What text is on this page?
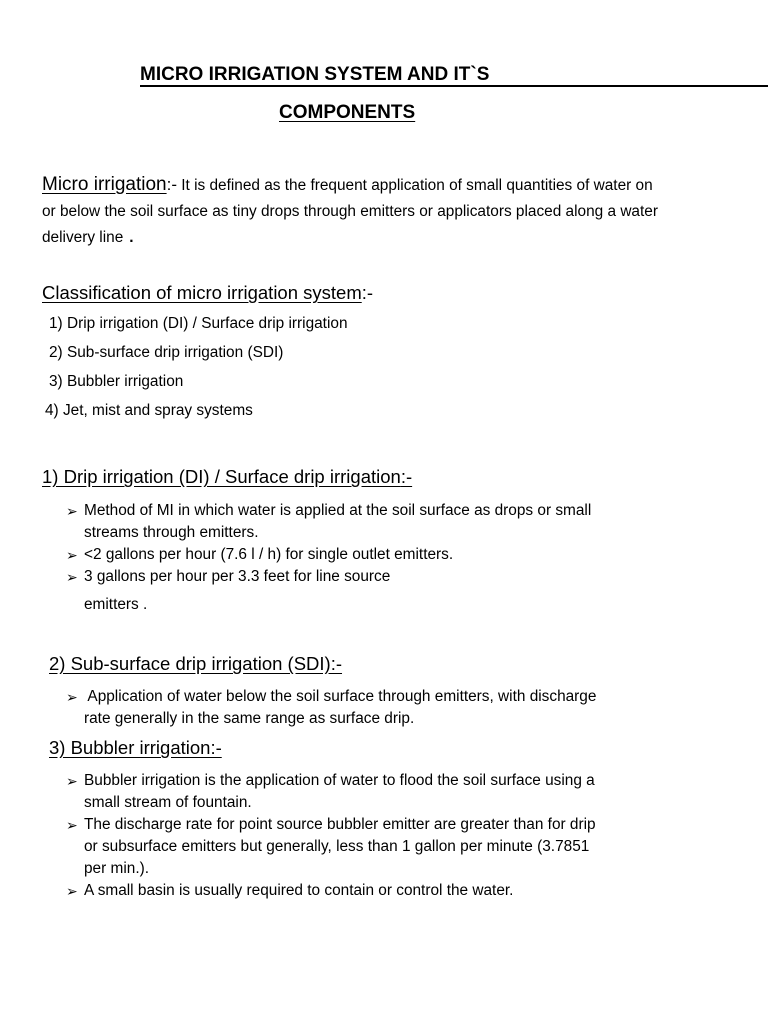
MICRO IRRIGATION SYSTEM AND IT`S
COMPONENTS
Micro irrigation:- It is defined as the frequent application of small quantities of water on
or below the soil surface as tiny drops through emitters or applicators placed along a water
delivery line .
Classification of micro irrigation system:-
1) Drip irrigation (DI) / Surface drip irrigation
2) Sub-surface drip irrigation (SDI)
3) Bubbler irrigation
4) Jet, mist and spray systems
1) Drip irrigation (DI) / Surface drip irrigation:-
➢ Method of MI in which water is applied at the soil surface as drops or small
streams through emitters.
➢ <2 gallons per hour (7.6 l / h) for single outlet emitters.
➢ 3 gallons per hour per 3.3 feet for line source
emitters .
2) Sub-surface drip irrigation (SDI):-
➢ Application of water below the soil surface through emitters, with discharge
rate generally in the same range as surface drip.
3) Bubbler irrigation:-
➢ Bubbler irrigation is the application of water to flood the soil surface using a
small stream of fountain.
➢ The discharge rate for point source bubbler emitter are greater than for drip
or subsurface emitters but generally, less than 1 gallon per minute (3.7851
per min.).
➢ A small basin is usually required to contain or control the water.
